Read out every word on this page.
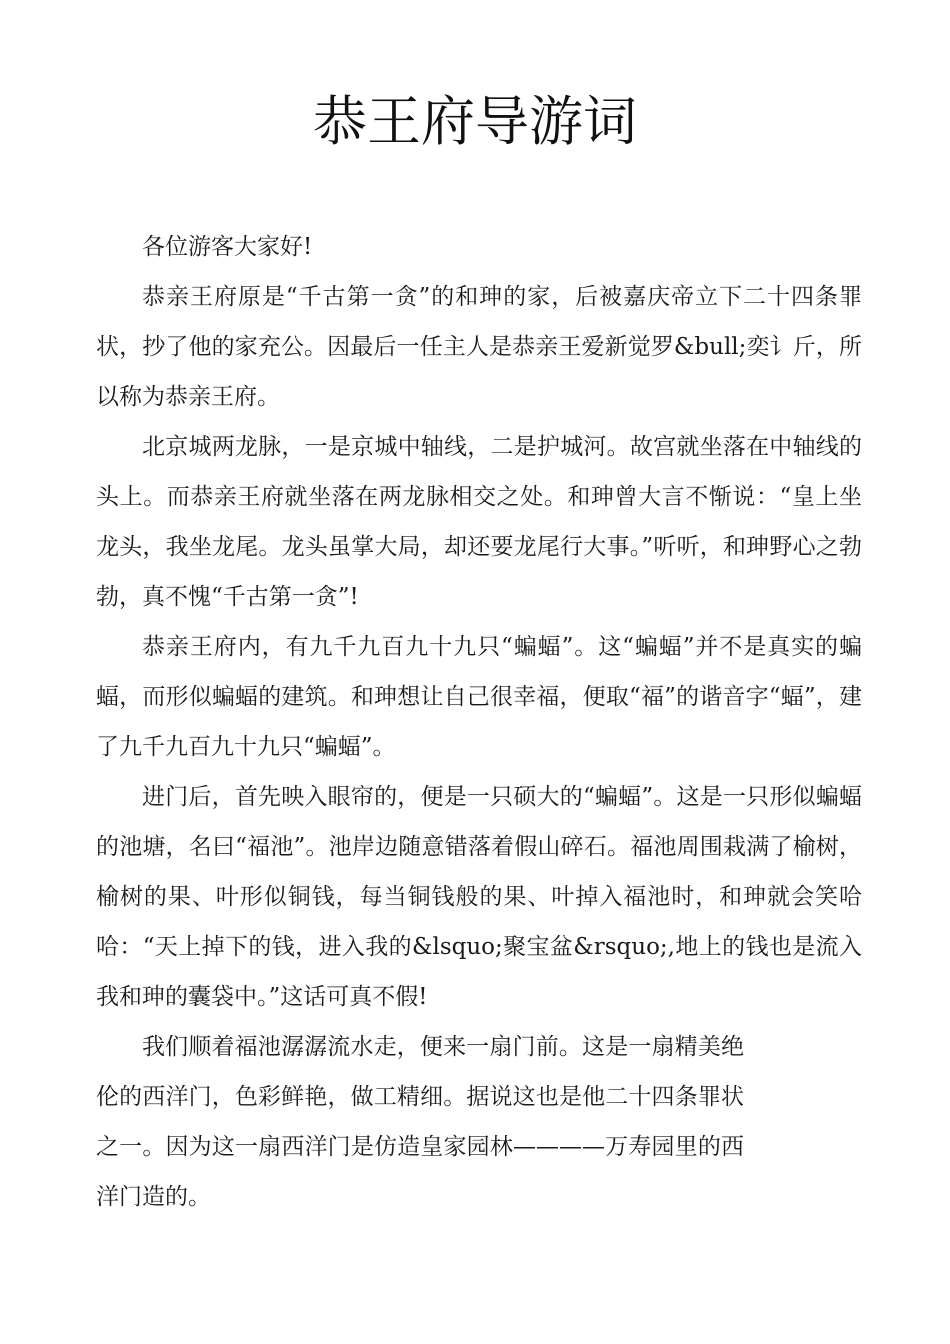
恭王府导游词

各位游客大家好!

恭亲王府原是“千古第一贪”的和珅的家，后被嘉庆帝立下二十四条罪状，抄了他的家充公。因最后一任主人是恭亲王爱新觉罗&bull;奕讠斤，所以称为恭亲王府。

北京城两龙脉，一是京城中轴线，二是护城河。故宫就坐落在中轴线的头上。而恭亲王府就坐落在两龙脉相交之处。和珅曾大言不惭说：“皇上坐龙头，我坐龙尾。龙头虽掌大局，却还要龙尾行大事。”听听，和珅野心之勃勃，真不愧“千古第一贪”!

恭亲王府内，有九千九百九十九只“蝙蝠”。这“蝙蝠”并不是真实的蝙蝠，而形似蝙蝠的建筑。和珅想让自己很幸福，便取“福”的谐音字“蝠”，建了九千九百九十九只“蝙蝠”。

进门后，首先映入眼帘的，便是一只硕大的“蝙蝠”。这是一只形似蝙蝠的池塘，名曰“福池”。池岸边随意错落着假山碎石。福池周围栽满了榆树，榆树的果、叶形似铜钱，每当铜钱般的果、叶掉入福池时，和珅就会笑哈哈：“天上掉下的钱，进入我的&lsquo;聚宝盆&rsquo;,地上的钱也是流入我和珅的囊袋中。”这话可真不假!

我们顺着福池潺潺流水走，便来一扇门前。这是一扇精美绝伦的西洋门，色彩鲜艳，做工精细。据说这也是他二十四条罪状之一。因为这一扇西洋门是仿造皇家园林————万寿园里的西洋门造的。
